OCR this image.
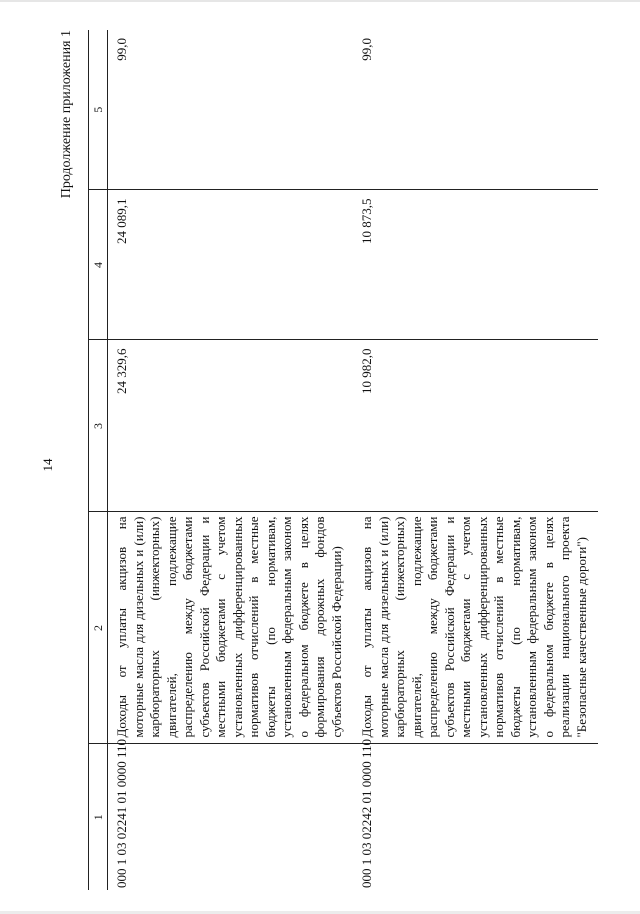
14
Продолжение приложения 1
1	2	3	4	5
000 1 03 02241 01 0000 110	Доходы от уплаты акцизов на моторные масла для дизельных и (или) карбюраторных (инжекторных) двигателей, подлежащие распределению между бюджетами субъектов Российской Федерации и местными бюджетами с учетом установленных дифференцированных нормативов отчислений в местные бюджеты (по нормативам, установленным федеральным законом о федеральном бюджете в целях формирования дорожных фондов субъектов Российской Федерации)	24 329,6	24 089,1	99,0
000 1 03 02242 01 0000 110	Доходы от уплаты акцизов на моторные масла для дизельных и (или) карбюраторных (инжекторных) двигателей, подлежащие распределению между бюджетами субъектов Российской Федерации и местными бюджетами с учетом установленных дифференцированных нормативов отчислений в местные бюджеты (по нормативам, установленным федеральным законом о федеральном бюджете в целях реализации национального проекта "Безопасные качественные дороги")	10 982,0	10 873,5	99,0
